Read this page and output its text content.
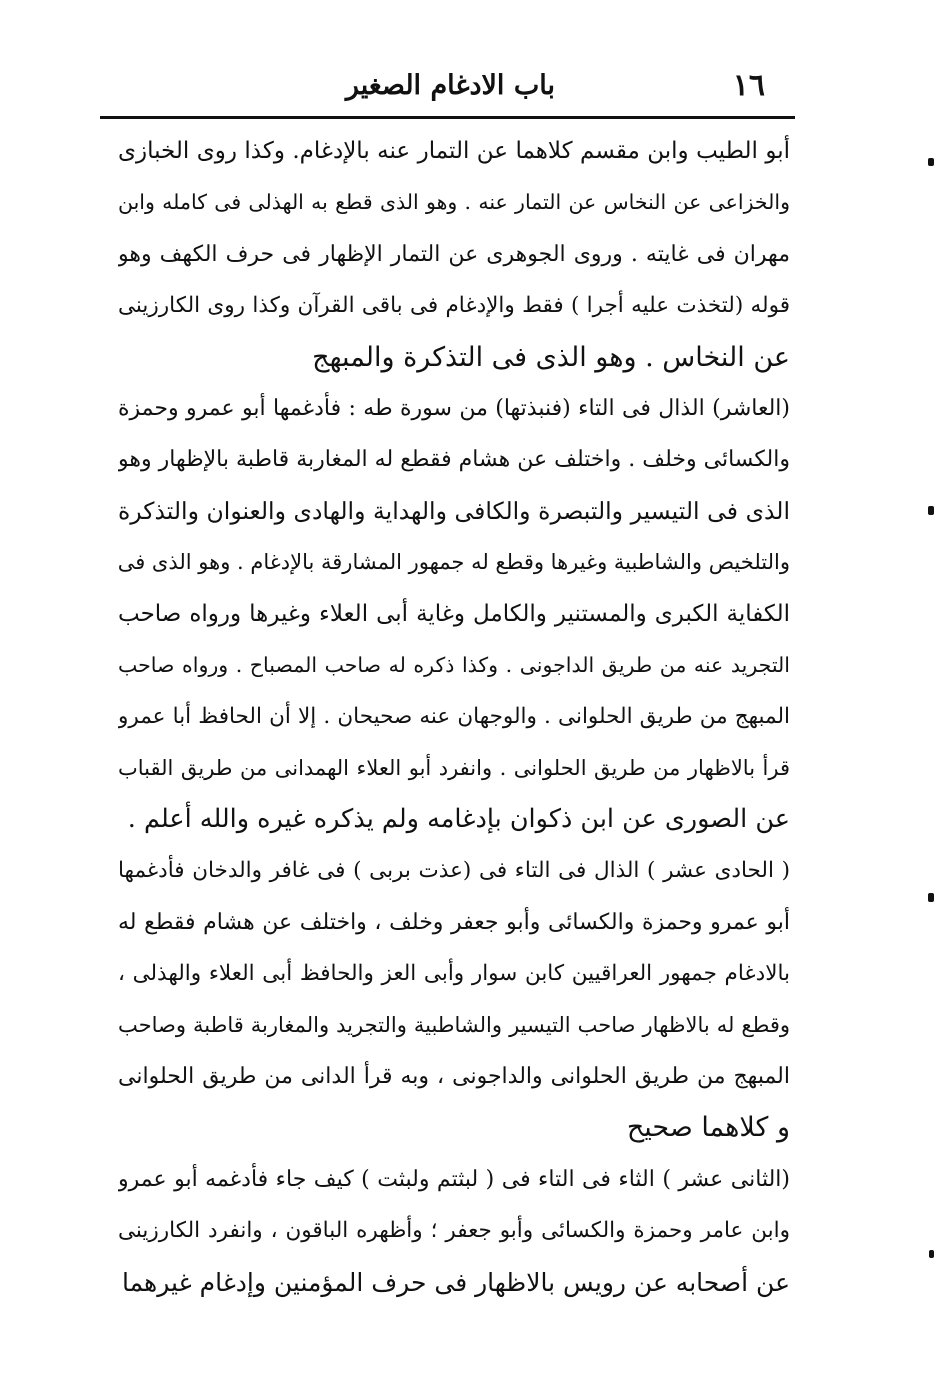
١٦
باب الادغام الصغير
أبو الطيب وابن مقسم كلاهما عن التمار عنه بالإدغام. وكذا روى الخبازى
والخزاعى عن النخاس عن التمار عنه . وهو الذى قطع به الهذلى فى كامله وابن
مهران فى غايته . وروى الجوهرى عن التمار الإظهار فى حرف الكهف وهو
قوله (لتخذت عليه أجرا ) فقط والإدغام فى باقى القرآن وكذا روى الكارزينى
عن النخاس . وهو الذى فى التذكرة والمبهج
(العاشر) الذال فى التاء (فنبذتها) من سورة طه : فأدغمها أبو عمرو وحمزة
والكسائى وخلف . واختلف عن هشام فقطع له المغاربة قاطبة بالإظهار وهو
الذى فى التيسير والتبصرة والكافى والهداية والهادى والعنوان والتذكرة
والتلخيص والشاطبية وغيرها وقطع له جمهور المشارقة بالإدغام . وهو الذى فى
الكفاية الكبرى والمستنير والكامل وغاية أبى العلاء وغيرها ورواه صاحب
التجريد عنه من طريق الداجونى . وكذا ذكره له صاحب المصباح . ورواه صاحب
المبهج من طريق الحلوانى . والوجهان عنه صحيحان . إلا أن الحافظ أبا عمرو
قرأ بالاظهار من طريق الحلوانى . وانفرد أبو العلاء الهمدانى من طريق القباب
عن الصورى عن ابن ذكوان بإدغامه ولم يذكره غيره والله أعلم .
( الحادى عشر ) الذال فى التاء فى (عذت بربى ) فى غافر والدخان فأدغمها
أبو عمرو وحمزة والكسائى وأبو جعفر وخلف ، واختلف عن هشام فقطع له
بالادغام جمهور العراقيين كابن سوار وأبى العز والحافظ أبى العلاء والهذلى ،
وقطع له بالاظهار صاحب التيسير والشاطبية والتجريد والمغاربة قاطبة وصاحب
المبهج من طريق الحلوانى والداجونى ، وبه قرأ الدانى من طريق الحلوانى
و كلاهما صحيح
(الثانى عشر ) الثاء فى التاء فى ( لبثتم ولبثت ) كيف جاء فأدغمه أبو عمرو
وابن عامر وحمزة والكسائى وأبو جعفر ؛ وأظهره الباقون ، وانفرد الكارزينى
عن أصحابه عن رويس بالاظهار فى حرف المؤمنين وإدغام غيرهما
